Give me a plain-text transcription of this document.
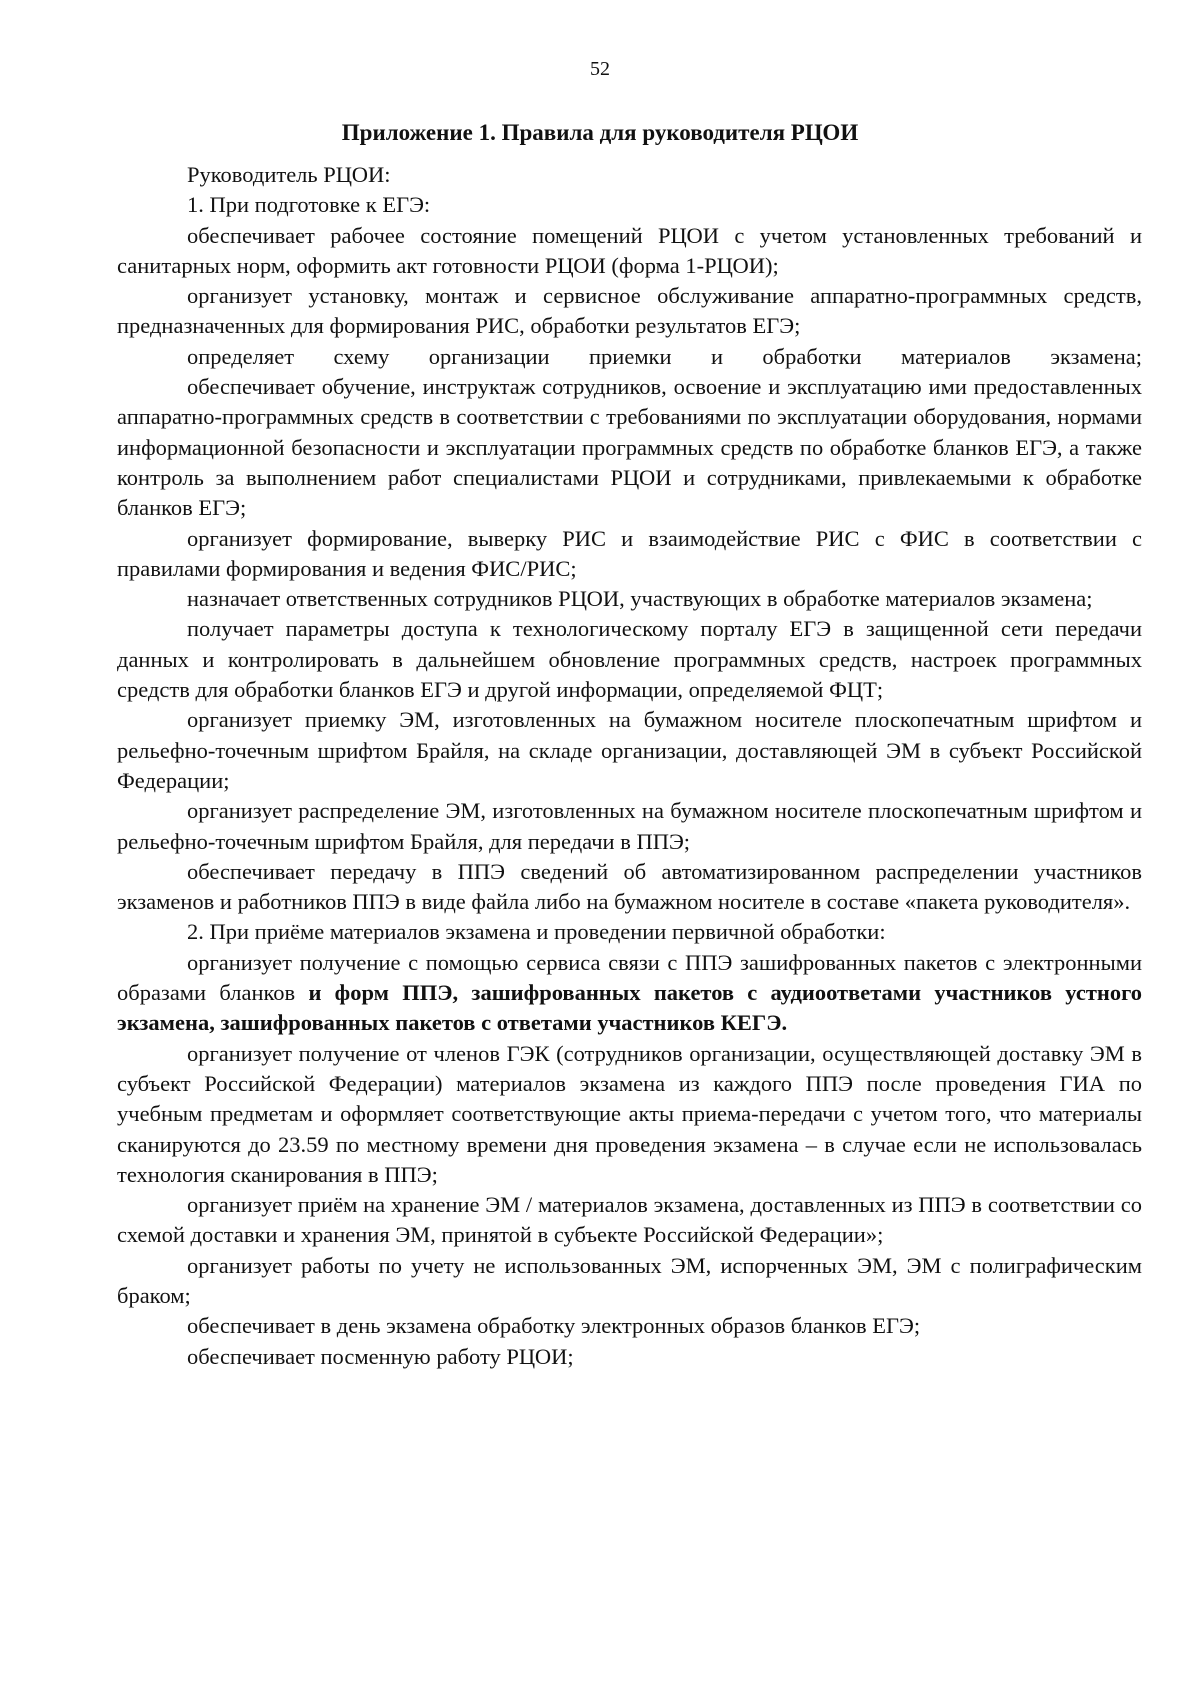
52
Приложение 1. Правила для руководителя РЦОИ

Руководитель РЦОИ:

1. При подготовке к ЕГЭ:

обеспечивает рабочее состояние помещений РЦОИ с учетом установленных требований и санитарных норм, оформить акт готовности РЦОИ (форма 1-РЦОИ);

организует установку, монтаж и сервисное обслуживание аппаратно-программных средств, предназначенных для формирования РИС, обработки результатов ЕГЭ;

определяет схему организации приемки и обработки материалов экзамена;

обеспечивает обучение, инструктаж сотрудников, освоение и эксплуатацию ими предоставленных аппаратно-программных средств в соответствии с требованиями по эксплуатации оборудования, нормами информационной безопасности и эксплуатации программных средств по обработке бланков ЕГЭ, а также контроль за выполнением работ специалистами РЦОИ и сотрудниками, привлекаемыми к обработке бланков ЕГЭ;

организует формирование, выверку РИС и взаимодействие РИС с ФИС в соответствии с правилами формирования и ведения ФИС/РИС;

назначает ответственных сотрудников РЦОИ, участвующих в обработке материалов экзамена;

получает параметры доступа к технологическому порталу ЕГЭ в защищенной сети передачи данных и контролировать в дальнейшем обновление программных средств, настроек программных средств для обработки бланков ЕГЭ и другой информации, определяемой ФЦТ;

организует приемку ЭМ, изготовленных на бумажном носителе плоскопечатным шрифтом и рельефно-точечным шрифтом Брайля, на складе организации, доставляющей ЭМ в субъект Российской Федерации;

организует распределение ЭМ, изготовленных на бумажном носителе плоскопечатным шрифтом и рельефно-точечным шрифтом Брайля, для передачи в ППЭ;

обеспечивает передачу в ППЭ сведений об автоматизированном распределении участников экзаменов и работников ППЭ в виде файла либо на бумажном носителе в составе «пакета руководителя».

2. При приёме материалов экзамена и проведении первичной обработки:

организует получение с помощью сервиса связи с ППЭ зашифрованных пакетов с электронными образами бланков и форм ППЭ, зашифрованных пакетов с аудиоответами участников устного экзамена, зашифрованных пакетов с ответами участников КЕГЭ.

организует получение от членов ГЭК (сотрудников организации, осуществляющей доставку ЭМ в субъект Российской Федерации) материалов экзамена из каждого ППЭ после проведения ГИА по учебным предметам и оформляет соответствующие акты приема-передачи с учетом того, что материалы сканируются до 23.59 по местному времени дня проведения экзамена – в случае если не использовалась технология сканирования в ППЭ;

организует приём на хранение ЭМ / материалов экзамена, доставленных из ППЭ в соответствии со схемой доставки и хранения ЭМ, принятой в субъекте Российской Федерации»;

организует работы по учету не использованных ЭМ, испорченных ЭМ, ЭМ с полиграфическим браком;

обеспечивает в день экзамена обработку электронных образов бланков ЕГЭ;

обеспечивает посменную работу РЦОИ;
